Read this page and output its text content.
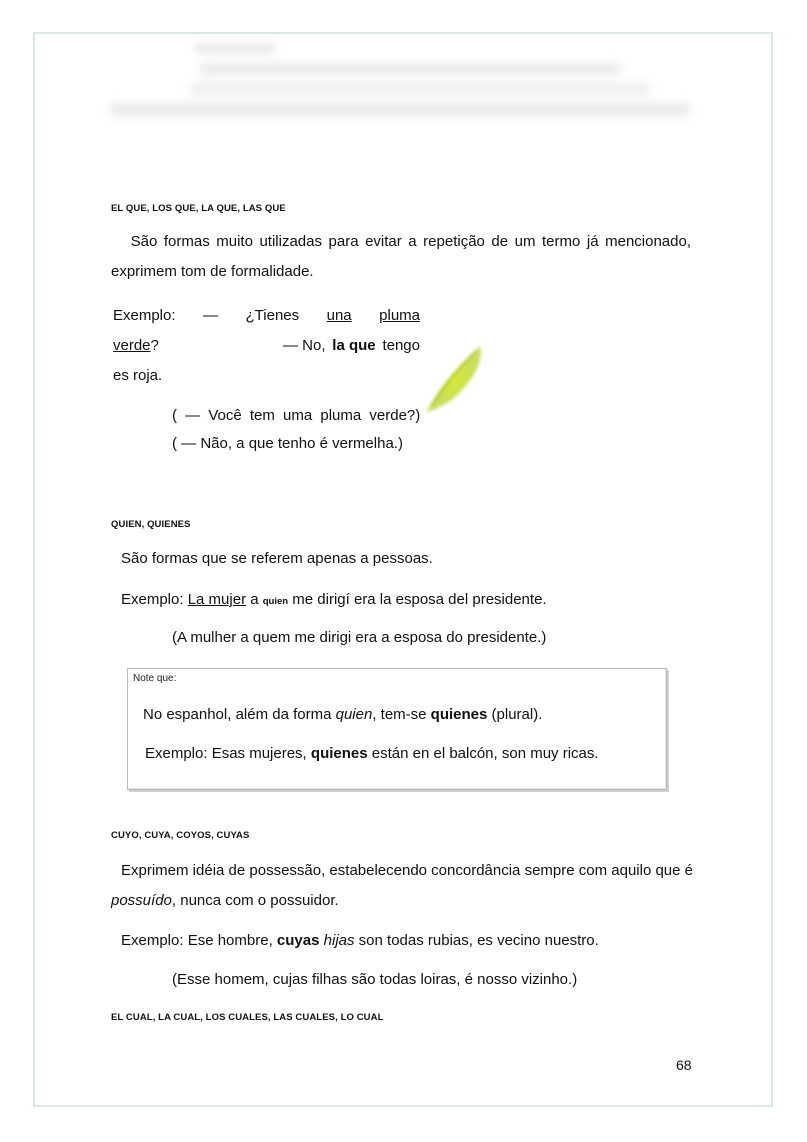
EL QUE, LOS QUE, LA QUE, LAS QUE
São formas muito utilizadas para evitar a repetição de um termo já mencionado,
exprimem tom de formalidade.
Exemplo: — ¿Tienes una pluma
verde?	— No, la que tengo
es roja.
( — Você tem uma pluma verde?)
( — Não, a que tenho é vermelha.)
QUIEN, QUIENES
São formas que se referem apenas a pessoas.
Exemplo: La mujer a quien me dirigí era la esposa del presidente.
(A mulher a quem me dirigi era a esposa do presidente.)
Note que:
No espanhol, além da forma quien, tem-se quienes (plural).
Exemplo: Esas mujeres, quienes están en el balcón, son muy ricas.
CUYO, CUYA, COYOS, CUYAS
Exprimem idéia de possessão, estabelecendo concordância sempre com aquilo que é
possuído, nunca com o possuidor.
Exemplo: Ese hombre, cuyas hijas son todas rubias, es vecino nuestro.
(Esse homem, cujas filhas são todas loiras, é nosso vizinho.)
EL CUAL, LA CUAL, LOS CUALES, LAS CUALES, LO CUAL
68
